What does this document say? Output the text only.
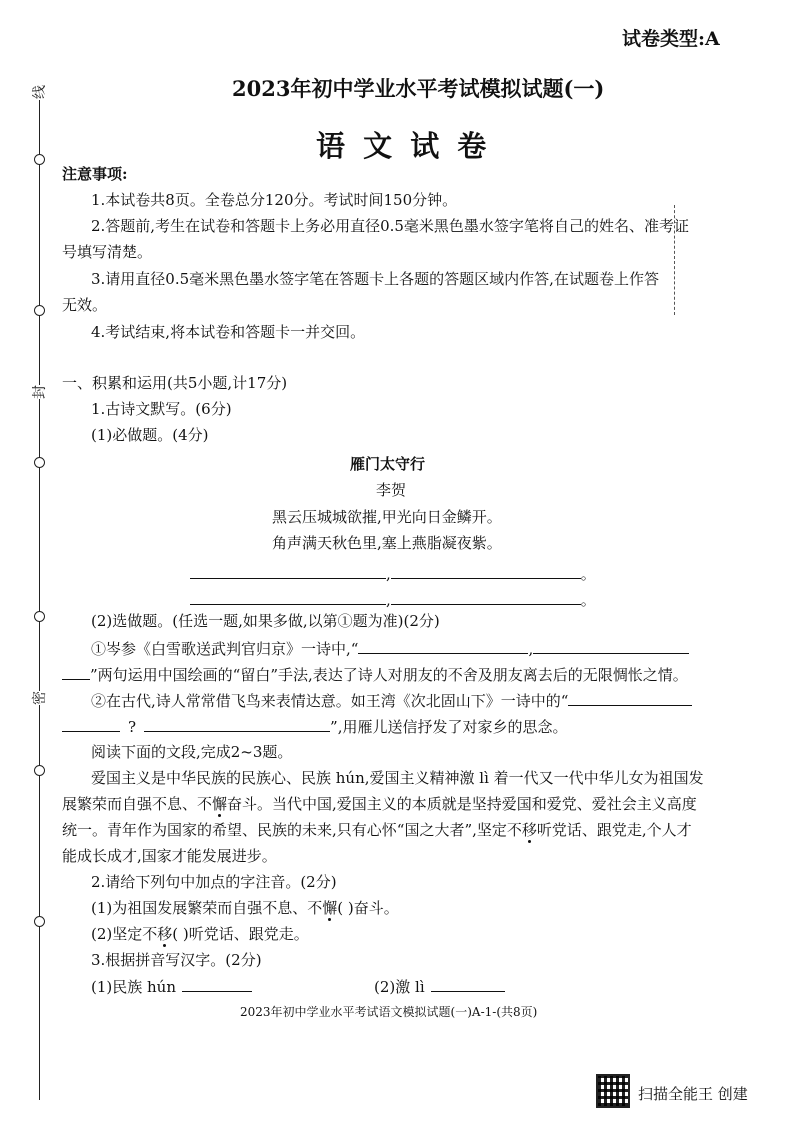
试卷类型:A
2023年初中学业水平考试模拟试题(一)
语 文 试 卷
线
封
密
注意事项:
1.本试卷共8页。全卷总分120分。考试时间150分钟。
2.答题前,考生在试卷和答题卡上务必用直径0.5毫米黑色墨水签字笔将自己的姓名、准考证
号填写清楚。
3.请用直径0.5毫米黑色墨水签字笔在答题卡上各题的答题区域内作答,在试题卷上作答
无效。
4.考试结束,将本试卷和答题卡一并交回。
一、积累和运用(共5小题,计17分)
1.古诗文默写。(6分)
(1)必做题。(4分)
雁门太守行
李贺
黑云压城城欲摧,甲光向日金鳞开。
角声满天秋色里,塞上燕脂凝夜紫。
,	。
,	。
(2)选做题。(任选一题,如果多做,以第①题为准)(2分)
①岑参《白雪歌送武判官归京》一诗中,“	,
”两句运用中国绘画的“留白”手法,表达了诗人对朋友的不舍及朋友离去后的无限惆怅之情。
②在古代,诗人常常借飞鸟来表情达意。如王湾《次北固山下》一诗中的“
?	”,用雁儿送信抒发了对家乡的思念。
阅读下面的文段,完成2~3题。
爱国主义是中华民族的民族心、民族 hún,爱国主义精神激 lì 着一代又一代中华儿女为祖国发
展繁荣而自强不息、不懈奋斗。当代中国,爱国主义的本质就是坚持爱国和爱党、爱社会主义高度
统一。青年作为国家的希望、民族的未来,只有心怀“国之大者”,坚定不移听党话、跟党走,个人才
能成长成才,国家才能发展进步。
2.请给下列句中加点的字注音。(2分)
(1)为祖国发展繁荣而自强不息、不懈( )奋斗。
(2)坚定不移( )听党话、跟党走。
3.根据拼音写汉字。(2分)
(1)民族 hún	(2)激 lì
2023年初中学业水平考试语文模拟试题(一)A-1-(共8页)
扫描全能王 创建
